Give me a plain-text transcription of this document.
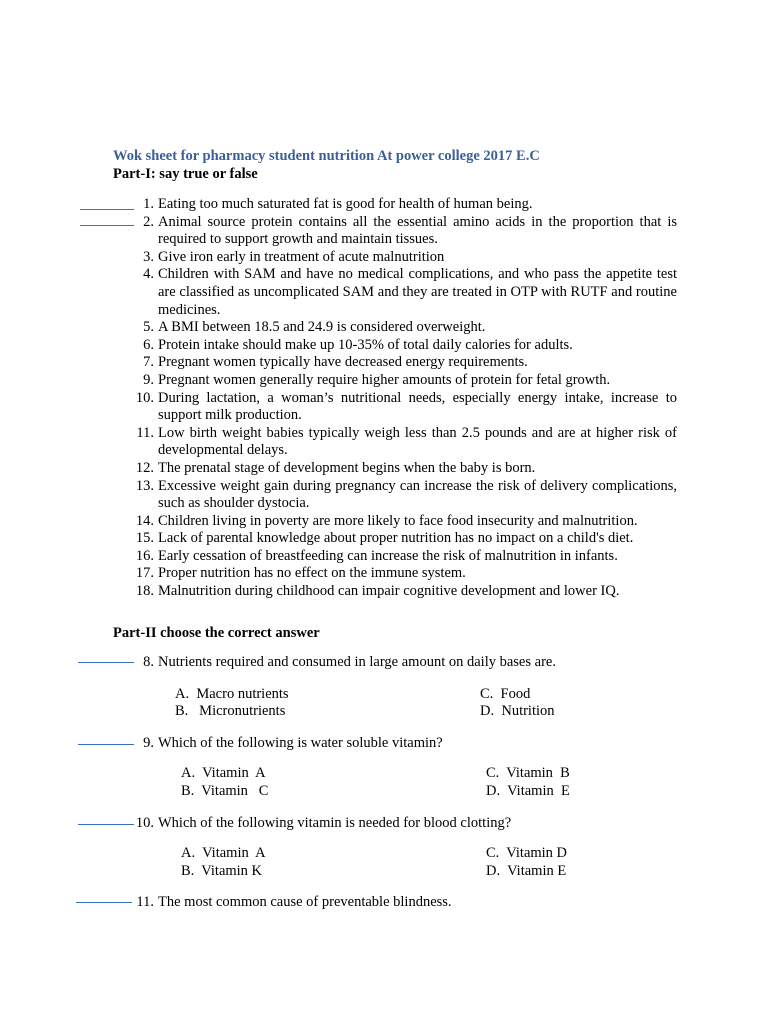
Wok sheet for pharmacy student nutrition At power college 2017 E.C
Part-I: say true or false
1. Eating too much saturated fat is good for health of human being.
2. Animal source protein contains all the essential amino acids in the proportion that is required to support growth and maintain tissues.
3. Give iron early in treatment of acute malnutrition
4. Children with SAM and have no medical complications, and who pass the appetite test are classified as uncomplicated SAM and they are treated in OTP with RUTF and routine medicines.
5. A BMI between 18.5 and 24.9 is considered overweight.
6. Protein intake should make up 10-35% of total daily calories for adults.
7. Pregnant women typically have decreased energy requirements.
9. Pregnant women generally require higher amounts of protein for fetal growth.
10. During lactation, a woman’s nutritional needs, especially energy intake, increase to support milk production.
11. Low birth weight babies typically weigh less than 2.5 pounds and are at higher risk of developmental delays.
12. The prenatal stage of development begins when the baby is born.
13. Excessive weight gain during pregnancy can increase the risk of delivery complications, such as shoulder dystocia.
14. Children living in poverty are more likely to face food insecurity and malnutrition.
15. Lack of parental knowledge about proper nutrition has no impact on a child's diet.
16. Early cessation of breastfeeding can increase the risk of malnutrition in infants.
17. Proper nutrition has no effect on the immune system.
18. Malnutrition during childhood can impair cognitive development and lower IQ.
Part-II choose the correct answer
8. Nutrients required and consumed in large amount on daily bases are.
A.  Macro nutrients
B.   Micronutrients
C.  Food
D.  Nutrition
9. Which of the following is water soluble vitamin?
A.  Vitamin  A
B.  Vitamin   C
C.  Vitamin  B
D.  Vitamin  E
10. Which of the following vitamin is needed for blood clotting?
A.  Vitamin  A
B.  Vitamin K
C.  Vitamin D
D.  Vitamin E
11. The most common cause of preventable blindness.
